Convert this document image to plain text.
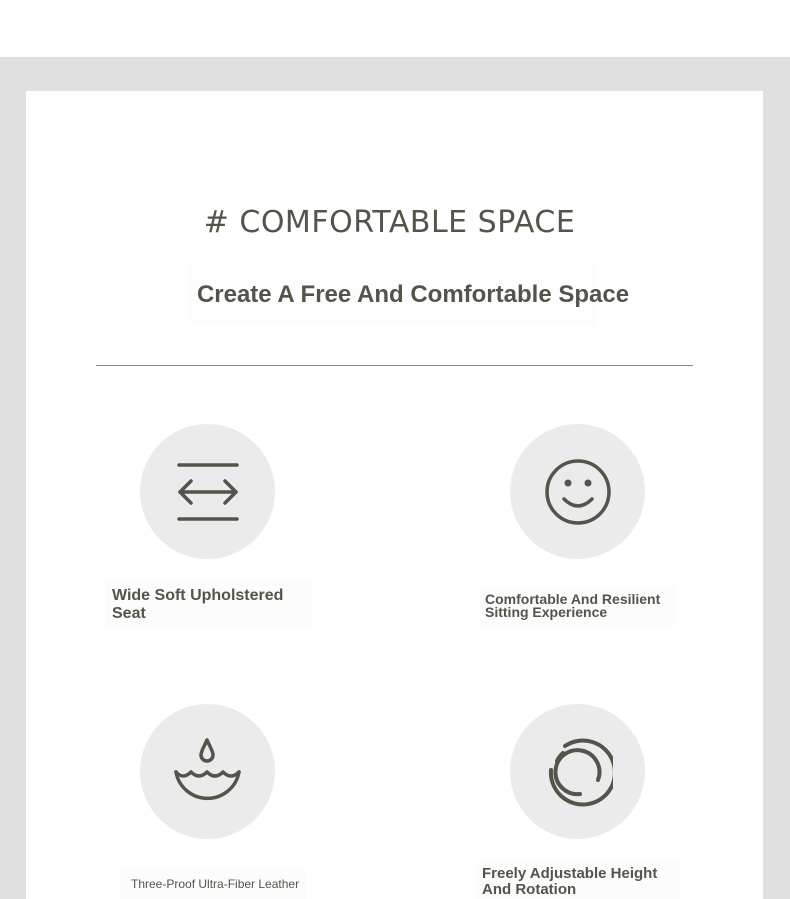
# COMFORTABLE SPACE
Create A Free And Comfortable Space
Wide Soft Upholstered
Seat
Comfortable And Resilient
Sitting Experience
Three-Proof Ultra-Fiber Leather
Freely Adjustable Height
And Rotation
